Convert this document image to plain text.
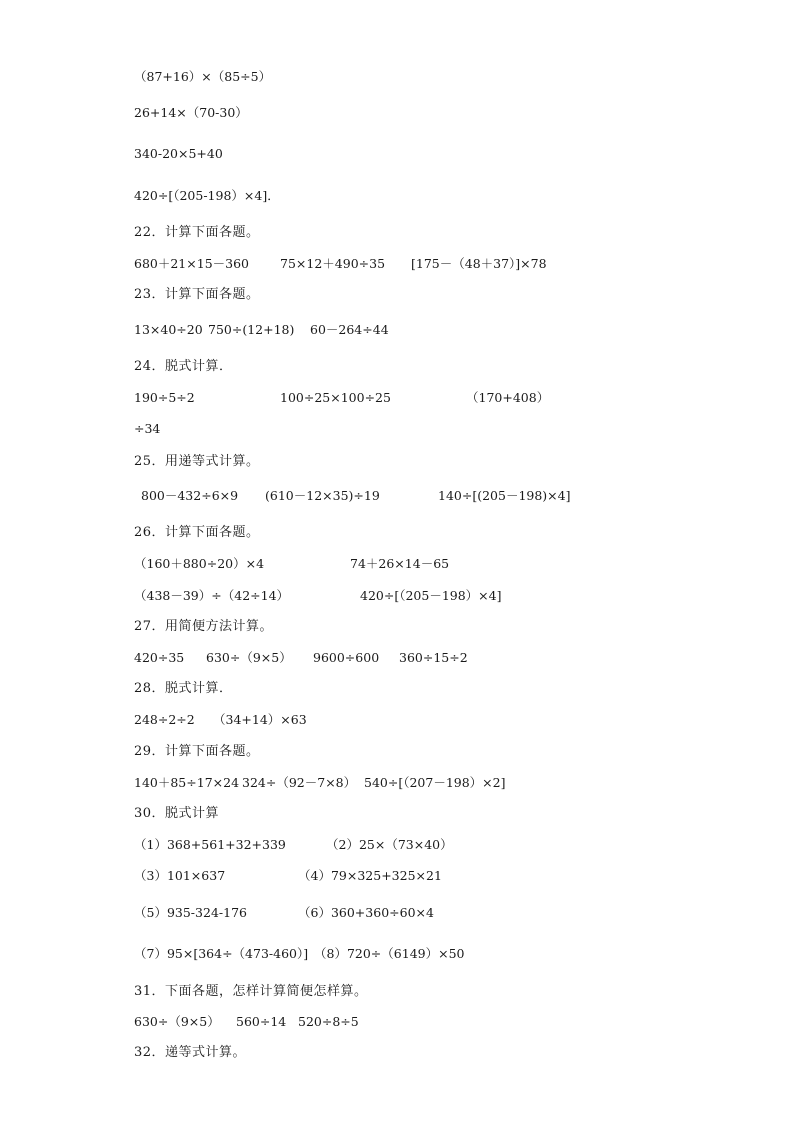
（87+16）×（85÷5）
26+14×（70-30）
340-20×5+40
420÷[（205-198）×4]．
22．计算下面各题。
680＋21×15－360 75×12＋490÷35 [175－（48＋37）]×78
23．计算下面各题。
13×40÷20 750÷(12+18) 60－264÷44
24．脱式计算．
190÷5÷2	100÷25×100÷25	（170+408）
÷34
25．用递等式计算。
800－432÷6×9 (610－12×35)÷19	140÷[(205－198)×4]
26．计算下面各题。
（160＋880÷20）×4	74＋26×14－65
（438－39）÷（42÷14）	420÷[（205－198）×4]
27．用简便方法计算。
420÷35 630÷（9×5） 9600÷600 360÷15÷2
28．脱式计算．
248÷2÷2 （34+14）×63
29．计算下面各题。
140＋85÷17×24 324÷（92－7×8） 540÷[（207－198）×2]
30．脱式计算
（1）368+561+32+339	（2）25×（73×40）
（3）101×637	（4）79×325+325×21
（5）935-324-176	（6）360+360÷60×4
（7）95×[364÷（473-460）] （8）720÷（6149）×50
31．下面各题，怎样计算简便怎样算。
630÷（9×5） 560÷14 520÷8÷5
32．递等式计算。
